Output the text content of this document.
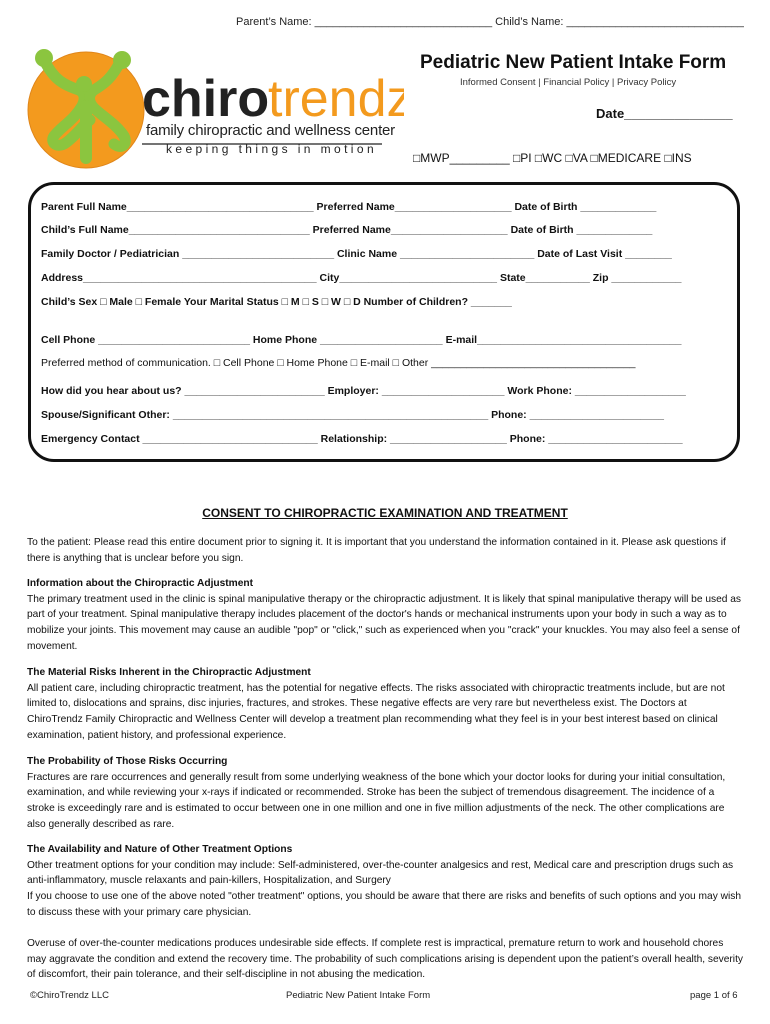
Parent’s Name: _____________________________ Child’s Name: _____________________________
Pediatric New Patient Intake Form
Informed Consent | Financial Policy | Privacy Policy
Date_______________
□MWP_________ □PI □WC □VA □MEDICARE □INS
chiro
trendz
family chiropractic and wellness center
keeping things in motion
Parent Full Name________________________________ Preferred Name____________________ Date of Birth _____________
Child’s Full Name_______________________________ Preferred Name____________________ Date of Birth _____________
Family Doctor / Pediatrician __________________________ Clinic Name _______________________ Date of Last Visit ________
Address________________________________________ City___________________________ State___________ Zip ____________
Child’s Sex □ Male □ Female Your Marital Status □ M □ S □ W □ D Number of Children? _______
Cell Phone __________________________ Home Phone _____________________ E-mail___________________________________
Preferred method of communication. □ Cell Phone □ Home Phone □ E-mail □ Other ___________________________________
How did you hear about us? ________________________ Employer: _____________________ Work Phone: ___________________
Spouse/Significant Other: ______________________________________________________ Phone: _______________________
Emergency Contact ______________________________ Relationship: ____________________ Phone: _______________________
CONSENT TO CHIROPRACTIC EXAMINATION AND TREATMENT
To the patient: Please read this entire document prior to signing it. It is important that you understand the information contained in it. Please ask questions if there is anything that is unclear before you sign.
Information about the Chiropractic Adjustment
The primary treatment used in the clinic is spinal manipulative therapy or the chiropractic adjustment. It is likely that spinal manipulative therapy will be used as part of your treatment. Spinal manipulative therapy includes placement of the doctor's hands or mechanical instruments upon your body in such a way as to mobilize your joints. This movement may cause an audible "pop" or "click," such as experienced when you "crack" your knuckles. You may also feel a sense of movement.
The Material Risks Inherent in the Chiropractic Adjustment
All patient care, including chiropractic treatment, has the potential for negative effects. The risks associated with chiropractic treatments include, but are not limited to, dislocations and sprains, disc injuries, fractures, and strokes. These negative effects are very rare but nevertheless exist. The Doctors at ChiroTrendz Family Chiropractic and Wellness Center will develop a treatment plan recommending what they feel is in your best interest based on clinical examination, patient history, and professional experience.
The Probability of Those Risks Occurring
Fractures are rare occurrences and generally result from some underlying weakness of the bone which your doctor looks for during your initial consultation, examination, and while reviewing your x-rays if indicated or recommended. Stroke has been the subject of tremendous disagreement. The incidence of a stroke is exceedingly rare and is estimated to occur between one in one million and one in five million adjustments of the neck. The other complications are also generally described as rare.
The Availability and Nature of Other Treatment Options
Other treatment options for your condition may include: Self-administered, over-the-counter analgesics and rest, Medical care and prescription drugs such as anti-inflammatory, muscle relaxants and pain-killers, Hospitalization, and Surgery
If you choose to use one of the above noted "other treatment" options, you should be aware that there are risks and benefits of such options and you may wish to discuss these with your primary care physician.
Overuse of over-the-counter medications produces undesirable side effects. If complete rest is impractical, premature return to work and household chores may aggravate the condition and extend the recovery time. The probability of such complications arising is dependent upon the patient’s overall health, severity of discomfort, their pain tolerance, and their self-discipline in not abusing the medication.
©ChiroTrendz LLC	Pediatric New Patient Intake Form	page 1 of 6
